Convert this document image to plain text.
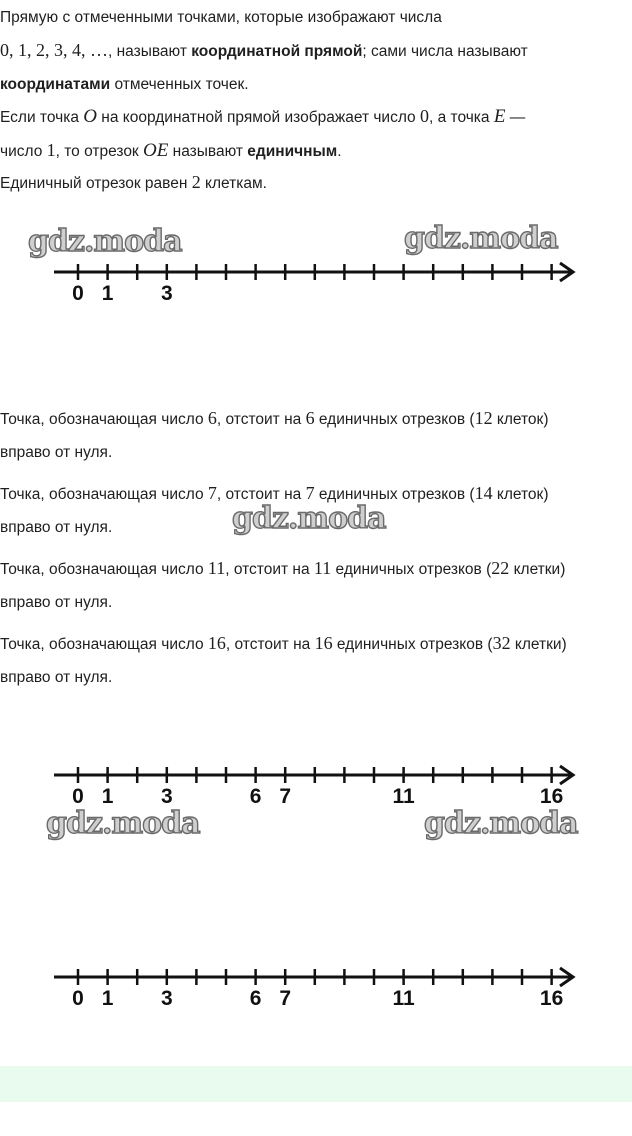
Прямую с отмеченными точками, которые изображают числа
0, 1, 2, 3, 4, …, называют координатной прямой; сами числа называют
координатами отмеченных точек.
Если точка O на координатной прямой изображает число 0, а точка E —
число 1, то отрезок OE называют единичным.
Единичный отрезок равен 2 клеткам.
gdz.moda	gdz.moda
gdz.moda
gdz.moda	gdz.moda
0 1 3
Точка, обозначающая число 6, отстоит на 6 единичных отрезков (12 клеток)
вправо от нуля.
Точка, обозначающая число 7, отстоит на 7 единичных отрезков (14 клеток)
вправо от нуля.
Точка, обозначающая число 11, отстоит на 11 единичных отрезков (22 клетки)
вправо от нуля.
Точка, обозначающая число 16, отстоит на 16 единичных отрезков (32 клетки)
вправо от нуля.
0 1 3	6 7	11	16
0 1 3	6 7	11	16
